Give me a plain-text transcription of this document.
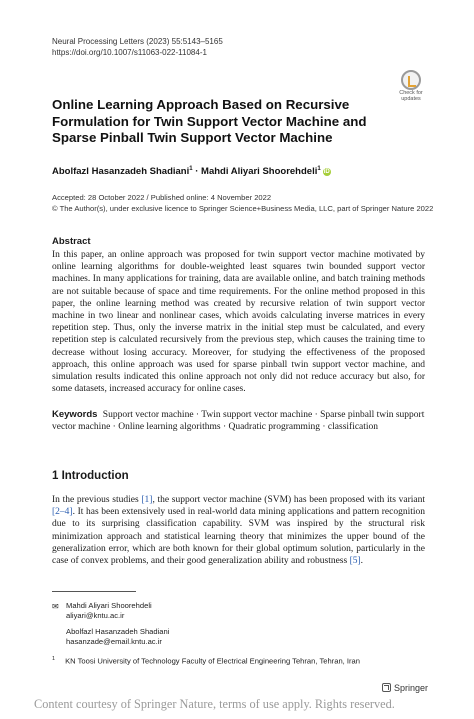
Neural Processing Letters (2023) 55:5143–5165
https://doi.org/10.1007/s11063-022-11084-1
Check for
updates
Online Learning Approach Based on Recursive Formulation for Twin Support Vector Machine and Sparse Pinball Twin Support Vector Machine
Abolfazl Hasanzadeh Shadiani$^1$ · Mahdi Aliyari Shoorehdeli$^1$iD
Accepted: 28 October 2022 / Published online: 4 November 2022
© The Author(s), under exclusive licence to Springer Science+Business Media, LLC, part of Springer Nature 2022
Abstract
In this paper, an online approach was proposed for twin support vector machine motivated by online learning algorithms for double-weighted least squares twin bounded support vector machines. In many applications for training, data are available online, and batch training methods are not suitable because of space and time requirements. For the online method proposed in this paper, the online learning method was created by recursive relation of twin support vector machine in two linear and nonlinear cases, which avoids calculating inverse matrices in every repetition step. Thus, only the inverse matrix in the initial step must be calculated, and every repetition step is calculated recursively from the previous step, which causes the training time to decrease without losing accuracy. Moreover, for studying the effectiveness of the proposed approach, this online approach was used for sparse pinball twin support vector machine, and simulation results indicated this online approach not only did not reduce accuracy but also, for some datasets, increased accuracy for online cases.
Keywords Support vector machine · Twin support vector machine · Sparse pinball twin support vector machine · Online learning algorithms · Quadratic programming · classification
1 Introduction
In the previous studies [1], the support vector machine (SVM) has been proposed with its variant [2–4]. It has been extensively used in real-world data mining applications and pattern recognition due to its surprising classification capability. SVM was inspired by the structural risk minimization approach and statistical learning theory that minimizes the upper bound of the generalization error, which are both known for their global optimum solution, particularly in the case of convex problems, and their good generalization ability and robustness [5].
✉ Mahdi Aliyari Shoorehdeli
aliyari@kntu.ac.ir
Abolfazl Hasanzadeh Shadiani
hasanzade@email.kntu.ac.ir
$^1$ KN Toosi University of Technology Faculty of Electrical Engineering Tehran, Tehran, Iran
Springer
Content courtesy of Springer Nature, terms of use apply. Rights reserved.
